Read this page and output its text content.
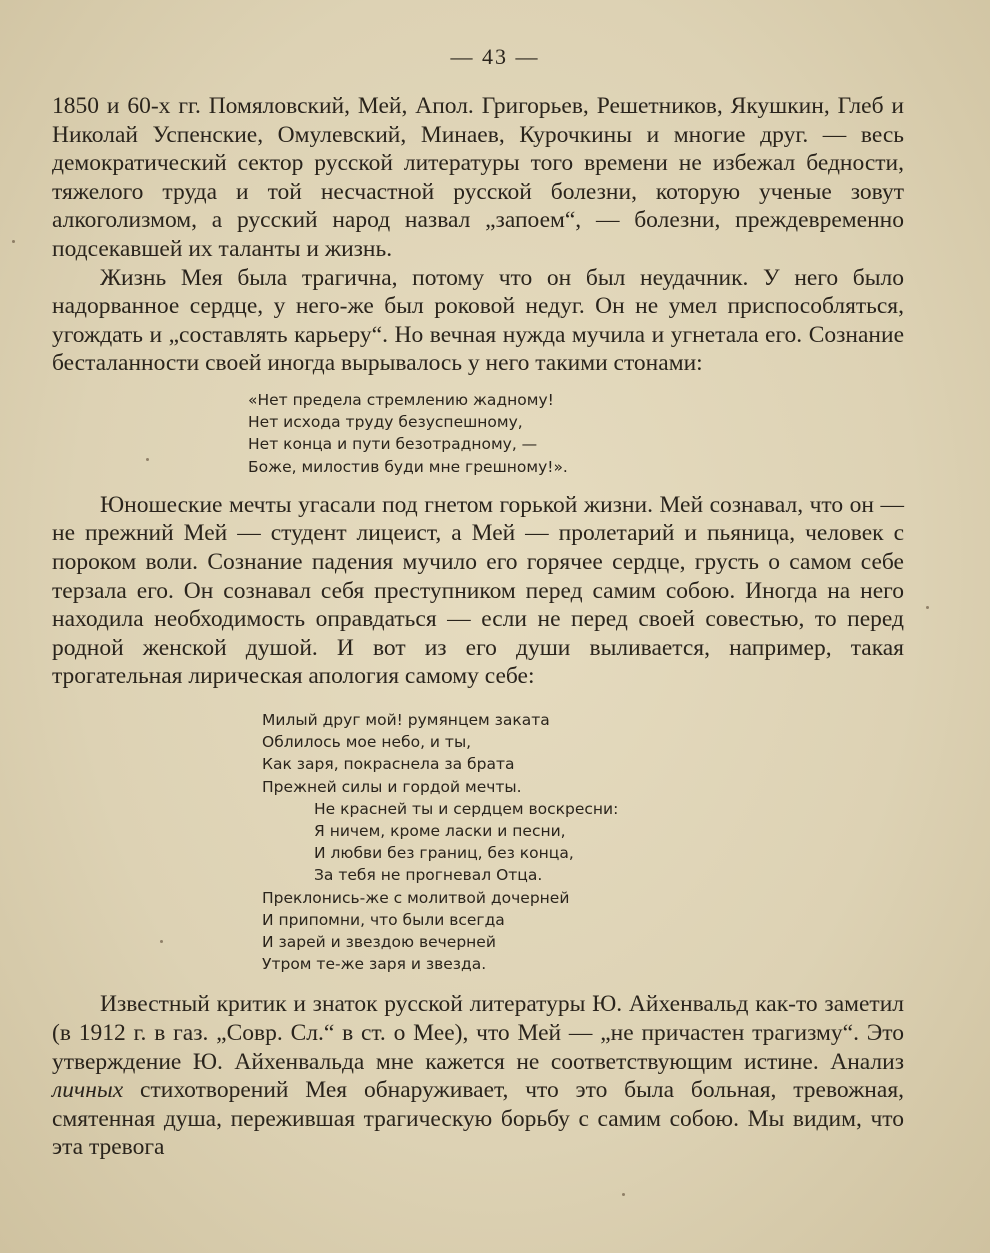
— 43 —

1850 и 60-х гг. Помяловский, Мей, Апол. Григорьев, Решетников, Якушкин, Глеб и Николай Успенские, Омулевский, Минаев, Курочкины и многие друг. — весь демократический сектор русской литературы того времени не избежал бедности, тяжелого труда и той несчастной русской болезни, которую ученые зовут алкоголизмом, а русский народ назвал „запоем“, — болезни, преждевременно подсекавшей их таланты и жизнь.

Жизнь Мея была трагична, потому что он был неудачник. У него было надорванное сердце, у него-же был роковой недуг. Он не умел приспособляться, угождать и „составлять карьеру“. Но вечная нужда мучила и угнетала его. Сознание бесталанности своей иногда вырывалось у него такими стонами:

«Нет предела стремлению жадному!
Нет исхода труду безуспешному,
Нет конца и пути безотрадному, —
Боже, милостив буди мне грешному!».

Юношеские мечты угасали под гнетом горькой жизни. Мей сознавал, что он — не прежний Мей — студент лицеист, а Мей — пролетарий и пьяница, человек с пороком воли. Сознание падения мучило его горячее сердце, грусть о самом себе терзала его. Он сознавал себя преступником перед самим собою. Иногда на него находила необходимость оправдаться — если не перед своей совестью, то перед родной женской душой. И вот из его души выливается, например, такая трогательная лирическая апология самому себе:

Милый друг мой! румянцем заката
Облилось мое небо, и ты,
Как заря, покраснела за брата
Прежней силы и гордой мечты.
Не красней ты и сердцем воскресни:
Я ничем, кроме ласки и песни,
И любви без границ, без конца,
За тебя не прогневал Отца.
Преклонись-же с молитвой дочерней
И припомни, что были всегда
И зарей и звездою вечерней
Утром те-же заря и звезда.

Известный критик и знаток русской литературы Ю. Айхенвальд как-то заметил (в 1912 г. в газ. „Совр. Сл.“ в ст. о Мее), что Мей — „не причастен трагизму“. Это утверждение Ю. Айхенвальда мне кажется не соответствующим истине. Анализ личных стихотворений Мея обнаруживает, что это была больная, тревожная, смятенная душа, пережившая трагическую борьбу с самим собою. Мы видим, что эта тревога
